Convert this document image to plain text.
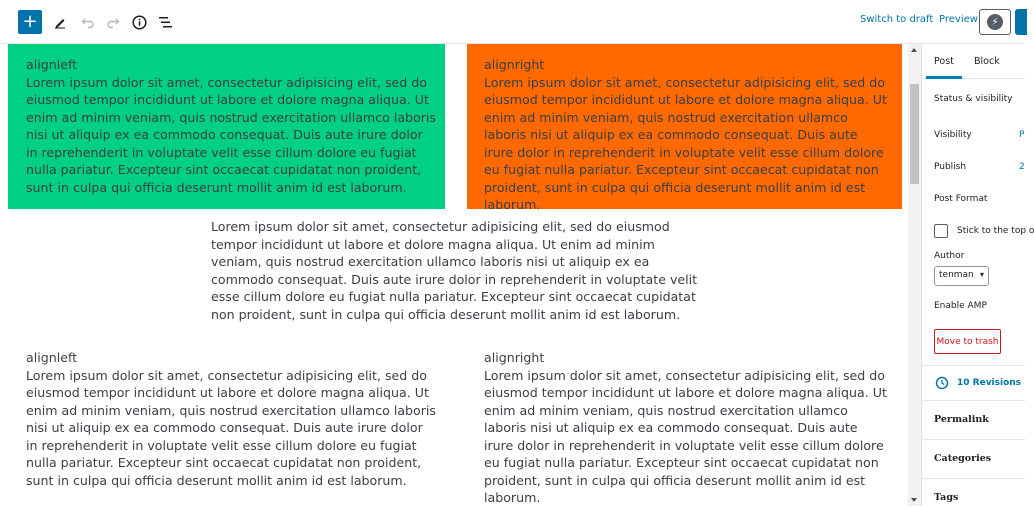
+	Switch to draft Preview	⚡
alignleft
Lorem ipsum dolor sit amet, consectetur adipisicing elit, sed do eiusmod tempor incididunt ut labore et dolore magna aliqua. Ut enim ad minim veniam, quis nostrud exercitation ullamco laboris nisi ut aliquip ex ea commodo consequat. Duis aute irure dolor in reprehenderit in voluptate velit esse cillum dolore eu fugiat nulla pariatur. Excepteur sint occaecat cupidatat non proident, sunt in culpa qui officia deserunt mollit anim id est laborum.
alignright
Lorem ipsum dolor sit amet, consectetur adipisicing elit, sed do eiusmod tempor incididunt ut labore et dolore magna aliqua. Ut enim ad minim veniam, quis nostrud exercitation ullamco laboris nisi ut aliquip ex ea commodo consequat. Duis aute irure dolor in reprehenderit in voluptate velit esse cillum dolore eu fugiat nulla pariatur. Excepteur sint occaecat cupidatat non proident, sunt in culpa qui officia deserunt mollit anim id est laborum.
Lorem ipsum dolor sit amet, consectetur adipisicing elit, sed do eiusmod tempor incididunt ut labore et dolore magna aliqua. Ut enim ad minim veniam, quis nostrud exercitation ullamco laboris nisi ut aliquip ex ea commodo consequat. Duis aute irure dolor in reprehenderit in voluptate velit esse cillum dolore eu fugiat nulla pariatur. Excepteur sint occaecat cupidatat non proident, sunt in culpa qui officia deserunt mollit anim id est laborum.
alignleft
Lorem ipsum dolor sit amet, consectetur adipisicing elit, sed do eiusmod tempor incididunt ut labore et dolore magna aliqua. Ut enim ad minim veniam, quis nostrud exercitation ullamco laboris nisi ut aliquip ex ea commodo consequat. Duis aute irure dolor in reprehenderit in voluptate velit esse cillum dolore eu fugiat nulla pariatur. Excepteur sint occaecat cupidatat non proident, sunt in culpa qui officia deserunt mollit anim id est laborum.
alignright
Lorem ipsum dolor sit amet, consectetur adipisicing elit, sed do eiusmod tempor incididunt ut labore et dolore magna aliqua. Ut enim ad minim veniam, quis nostrud exercitation ullamco laboris nisi ut aliquip ex ea commodo consequat. Duis aute irure dolor in reprehenderit in voluptate velit esse cillum dolore eu fugiat nulla pariatur. Excepteur sint occaecat cupidatat non proident, sunt in culpa qui officia deserunt mollit anim id est laborum.
Post Block
Status & visibility
Visibility	P
Publish	2
Post Format
Stick to the top o
Author
tenman ▾
Enable AMP
Move to trash
10 Revisions
Permalink
Categories
Tags
